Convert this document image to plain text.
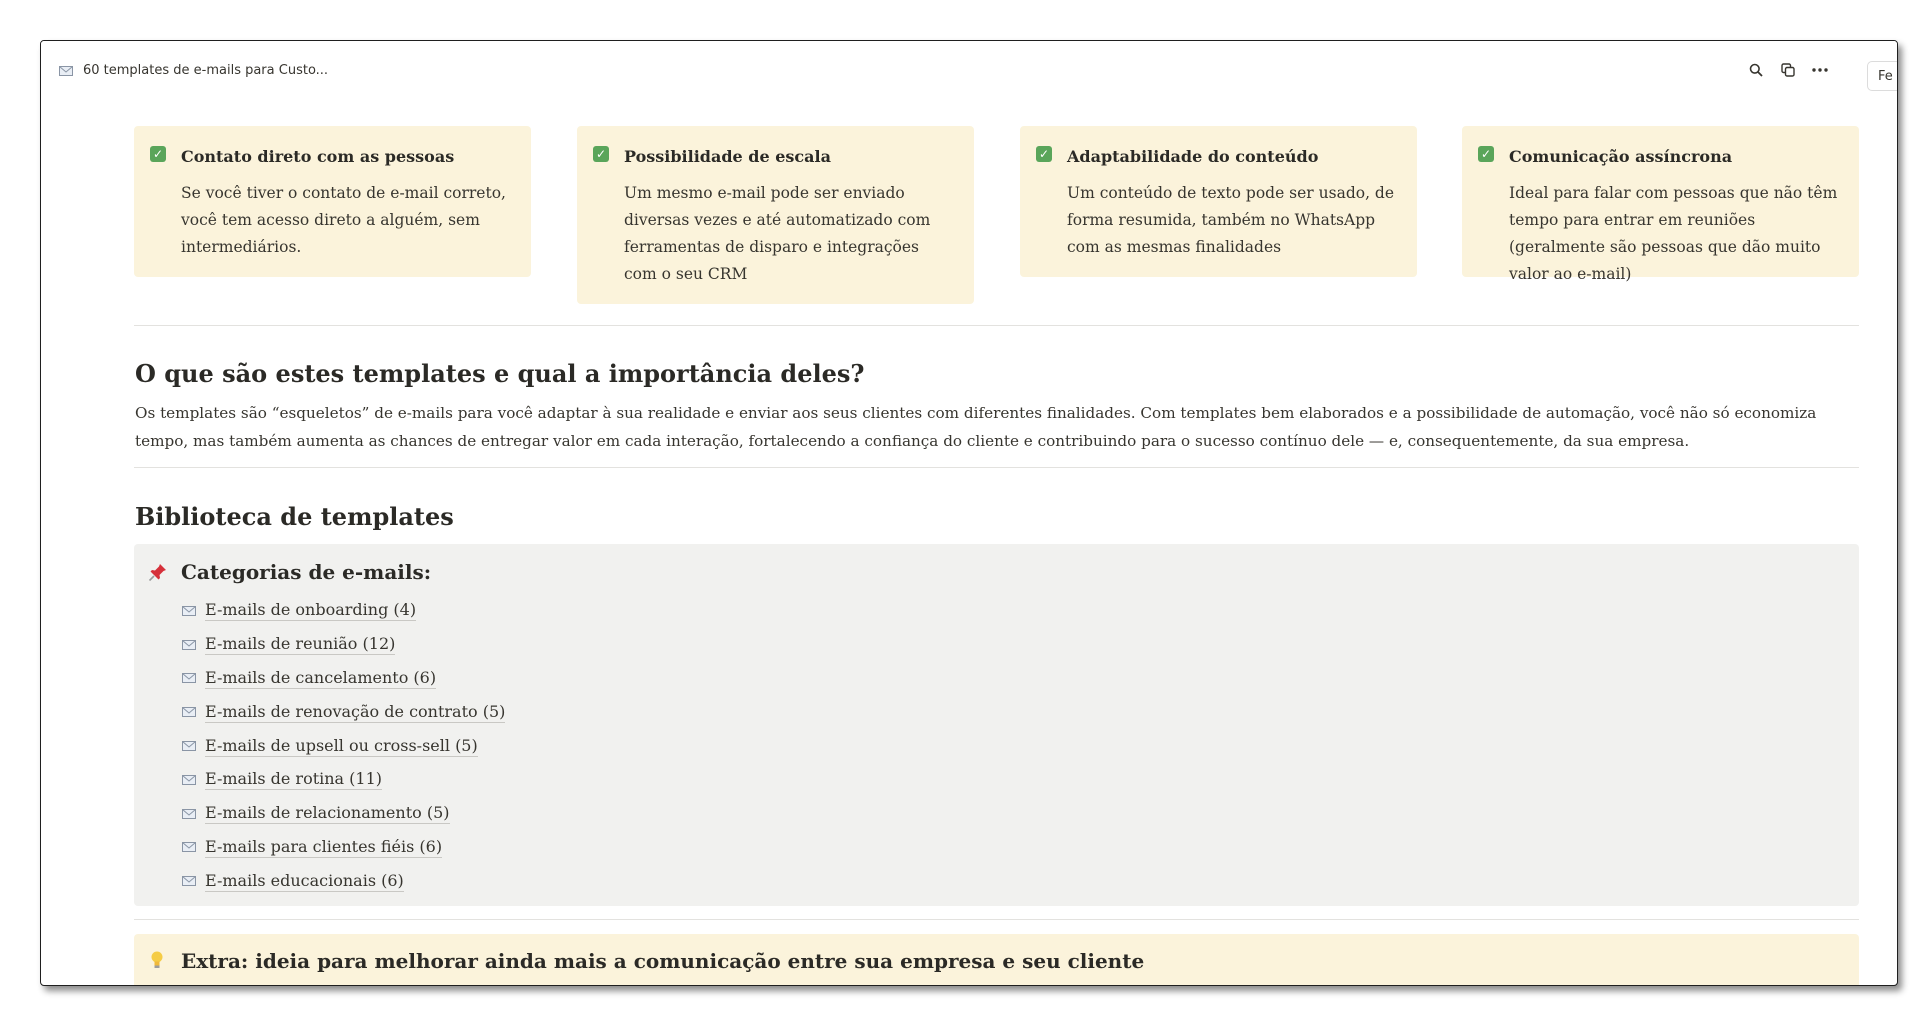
60 templates de e-mails para Custo...	Fe
✓ Contato direto com as pessoas

Se você tiver o contato de e-mail correto, você tem acesso direto a alguém, sem intermediários.

✓ Possibilidade de escala

Um mesmo e-mail pode ser enviado diversas vezes e até automatizado com ferramentas de disparo e integrações com o seu CRM

✓ Adaptabilidade do conteúdo

Um conteúdo de texto pode ser usado, de forma resumida, também no WhatsApp com as mesmas finalidades

✓ Comunicação assíncrona

Ideal para falar com pessoas que não têm tempo para entrar em reuniões (geralmente são pessoas que dão muito valor ao e-mail)

O que são estes templates e qual a importância deles?

Os templates são “esqueletos” de e-mails para você adaptar à sua realidade e enviar aos seus clientes com diferentes finalidades. Com templates bem elaborados e a possibilidade de automação, você não só economiza tempo, mas também aumenta as chances de entregar valor em cada interação, fortalecendo a confiança do cliente e contribuindo para o sucesso contínuo dele — e, consequentemente, da sua empresa.

Biblioteca de templates
Categorias de e-mails:
E-mails de onboarding (4)
E-mails de reunião (12)
E-mails de cancelamento (6)
E-mails de renovação de contrato (5)
E-mails de upsell ou cross-sell (5)
E-mails de rotina (11)
E-mails de relacionamento (5)
E-mails para clientes fiéis (6)
E-mails educacionais (6)
Extra: ideia para melhorar ainda mais a comunicação entre sua empresa e seu cliente
